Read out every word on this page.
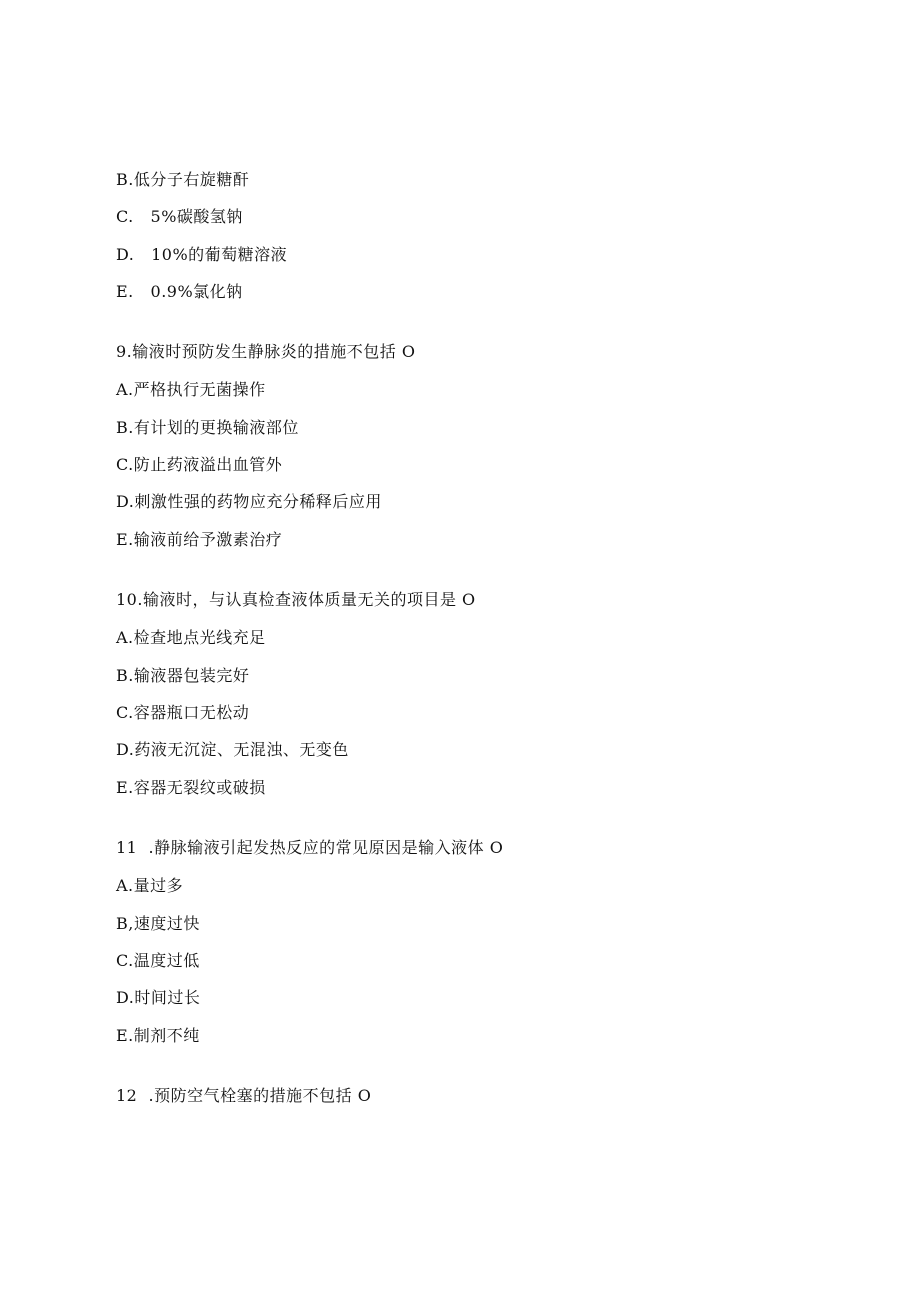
B.低分子右旋糖酐
C.   5%碳酸氢钠
D.   10%的葡萄糖溶液
E.   0.9%氯化钠
9.输液时预防发生静脉炎的措施不包括 O
A.严格执行无菌操作
B.有计划的更换输液部位
C.防止药液溢出血管外
D.刺激性强的药物应充分稀释后应用
E.输液前给予激素治疗
10.输液时，与认真检查液体质量无关的项目是 O
A.检查地点光线充足
B.输液器包装完好
C.容器瓶口无松动
D.药液无沉淀、无混浊、无变色
E.容器无裂纹或破损
11  .静脉输液引起发热反应的常见原因是输入液体 O
A.量过多
B,速度过快
C.温度过低
D.时间过长
E.制剂不纯
12  .预防空气栓塞的措施不包括 O
